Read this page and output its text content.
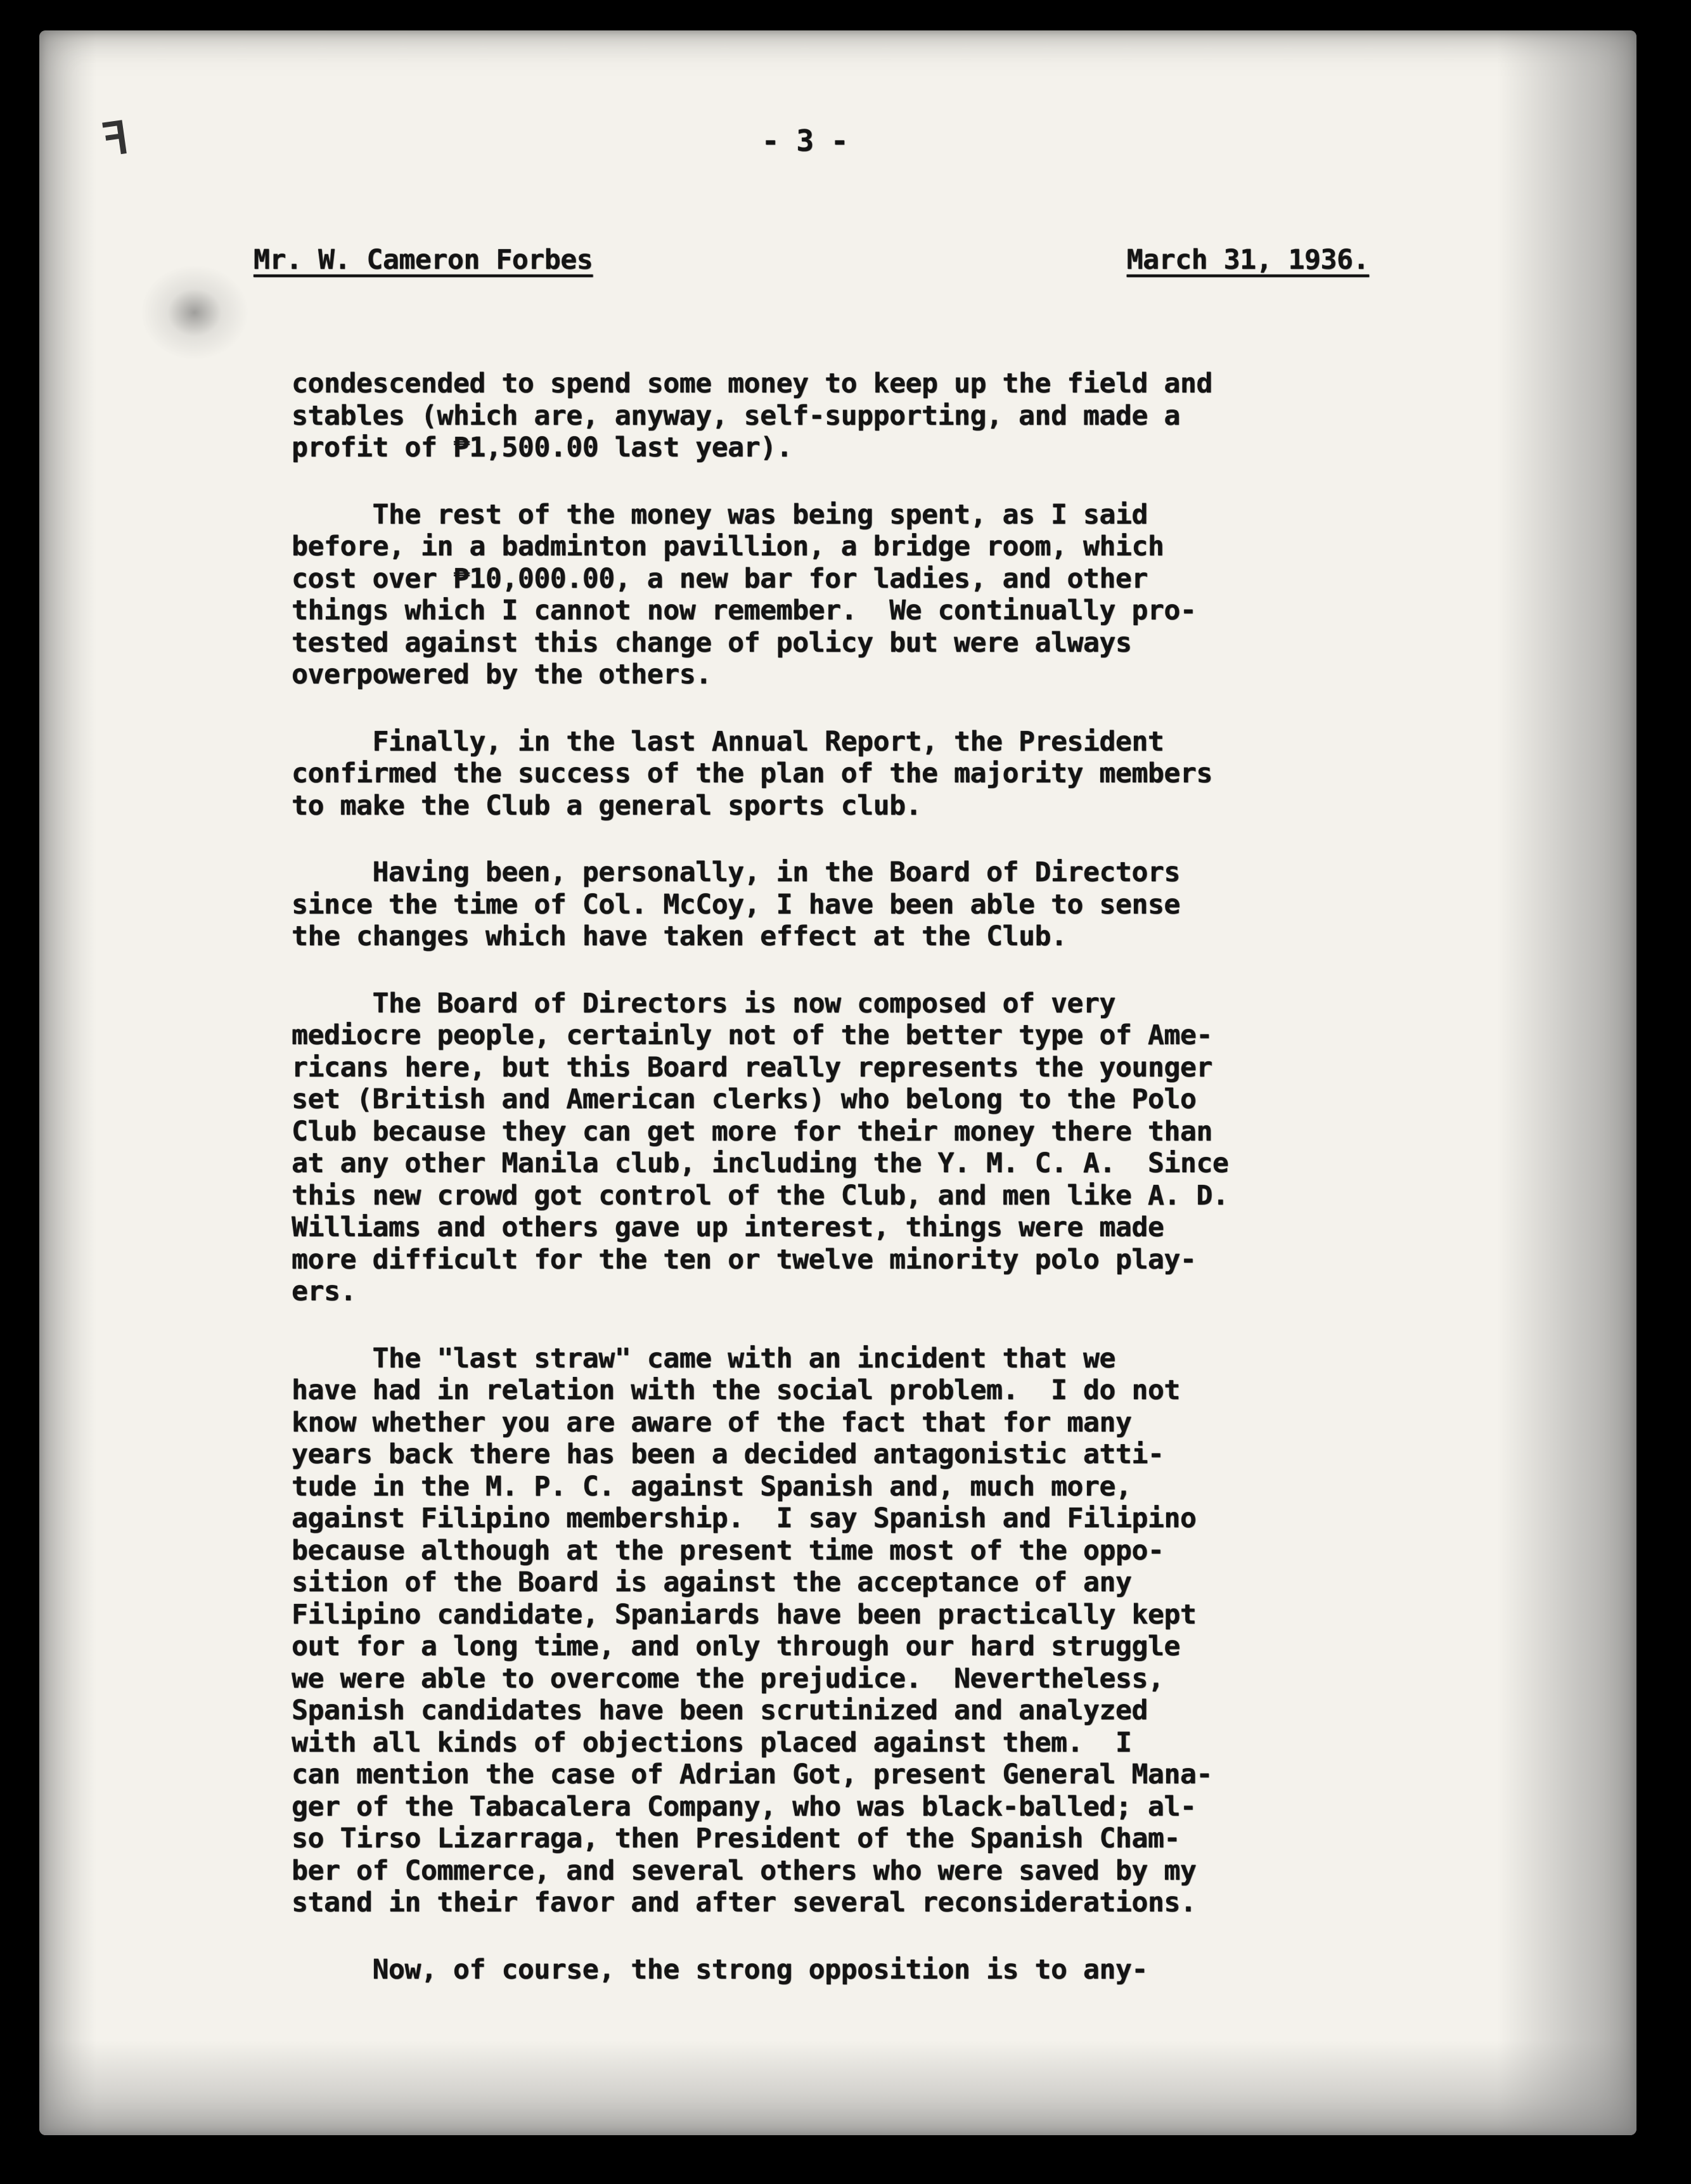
ꟻ	- 3 -
Mr. W. Cameron Forbes	March 31, 1936.
condescended to spend some money to keep up the field and
stables (which are, anyway, self-supporting, and made a
profit of ₱1,500.00 last year).
The rest of the money was being spent, as I said
before, in a badminton pavillion, a bridge room, which
cost over ₱10,000.00, a new bar for ladies, and other
things which I cannot now remember.  We continually pro-
tested against this change of policy but were always
overpowered by the others.
Finally, in the last Annual Report, the President
confirmed the success of the plan of the majority members
to make the Club a general sports club.
Having been, personally, in the Board of Directors
since the time of Col. McCoy, I have been able to sense
the changes which have taken effect at the Club.
The Board of Directors is now composed of very
mediocre people, certainly not of the better type of Ame-
ricans here, but this Board really represents the younger
set (British and American clerks) who belong to the Polo
Club because they can get more for their money there than
at any other Manila club, including the Y. M. C. A.  Since
this new crowd got control of the Club, and men like A. D.
Williams and others gave up interest, things were made
more difficult for the ten or twelve minority polo play-
ers.
The "last straw" came with an incident that we
have had in relation with the social problem.  I do not
know whether you are aware of the fact that for many
years back there has been a decided antagonistic atti-
tude in the M. P. C. against Spanish and, much more,
against Filipino membership.  I say Spanish and Filipino
because although at the present time most of the oppo-
sition of the Board is against the acceptance of any
Filipino candidate, Spaniards have been practically kept
out for a long time, and only through our hard struggle
we were able to overcome the prejudice.  Nevertheless,
Spanish candidates have been scrutinized and analyzed
with all kinds of objections placed against them.  I
can mention the case of Adrian Got, present General Mana-
ger of the Tabacalera Company, who was black-balled; al-
so Tirso Lizarraga, then President of the Spanish Cham-
ber of Commerce, and several others who were saved by my
stand in their favor and after several reconsiderations.
Now, of course, the strong opposition is to any-
